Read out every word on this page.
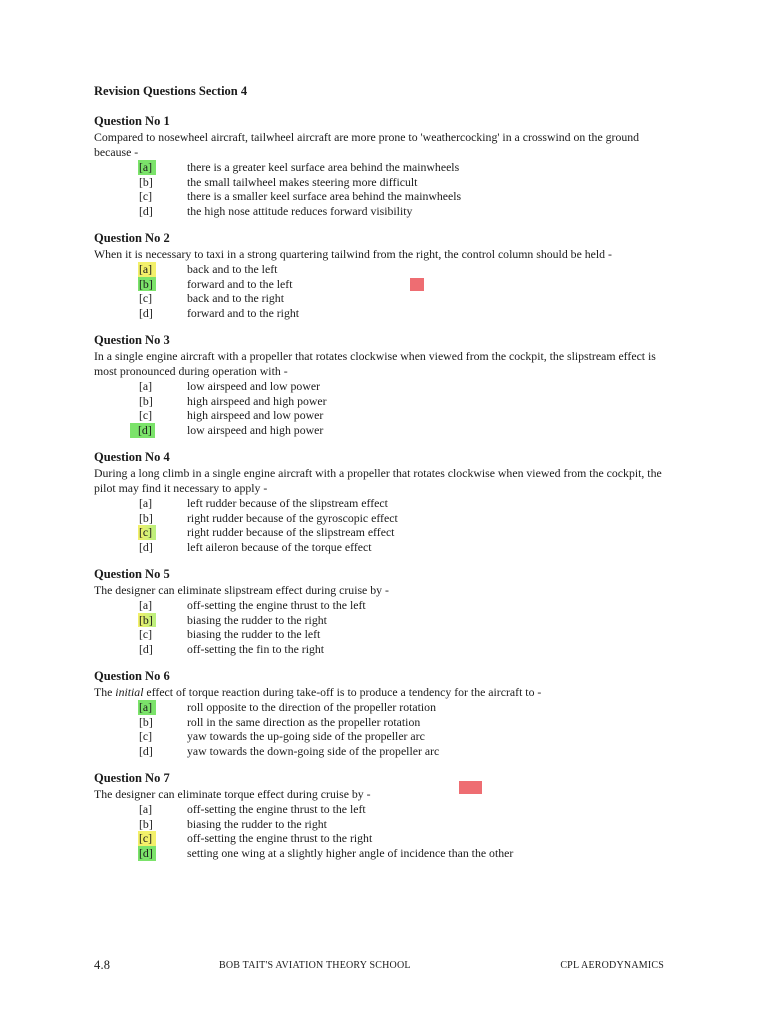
Revision Questions Section 4
Question No 1

Compared to nosewheel aircraft, tailwheel aircraft are more prone to 'weathercocking' in a crosswind on the ground because -

[a]	there is a greater keel surface area behind the mainwheels
[b]	the small tailwheel makes steering more difficult
[c]	there is a smaller keel surface area behind the mainwheels
[d]	the high nose attitude reduces forward visibility
Question No 2

When it is necessary to taxi in a strong quartering tailwind from the right, the control column should be held -

[a]	back and to the left
[b]	forward and to the left
[c]	back and to the right
[d]	forward and to the right
Question No 3

In a single engine aircraft with a propeller that rotates clockwise when viewed from the cockpit, the slipstream effect is most pronounced during operation with -

[a]	low airspeed and low power
[b]	high airspeed and high power
[c]	high airspeed and low power
[d]	low airspeed and high power
Question No 4

During a long climb in a single engine aircraft with a propeller that rotates clockwise when viewed from the cockpit, the pilot may find it necessary to apply -

[a]	left rudder because of the slipstream effect
[b]	right rudder because of the gyroscopic effect
[c]	right rudder because of the slipstream effect
[d]	left aileron because of the torque effect
Question No 5

The designer can eliminate slipstream effect during cruise by -

[a]	off-setting the engine thrust to the left
[b]	biasing the rudder to the right
[c]	biasing the rudder to the left
[d]	off-setting the fin to the right
Question No 6

The initial effect of torque reaction during take-off is to produce a tendency for the aircraft to -

[a]	roll opposite to the direction of the propeller rotation
[b]	roll in the same direction as the propeller rotation
[c]	yaw towards the up-going side of the propeller arc
[d]	yaw towards the down-going side of the propeller arc
Question No 7

The designer can eliminate torque effect during cruise by -

[a]	off-setting the engine thrust to the left
[b]	biasing the rudder to the right
[c]	off-setting the engine thrust to the right
[d]	setting one wing at a slightly higher angle of incidence than the other
4.8	BOB TAIT'S AVIATION THEORY SCHOOL	CPL AERODYNAMICS
